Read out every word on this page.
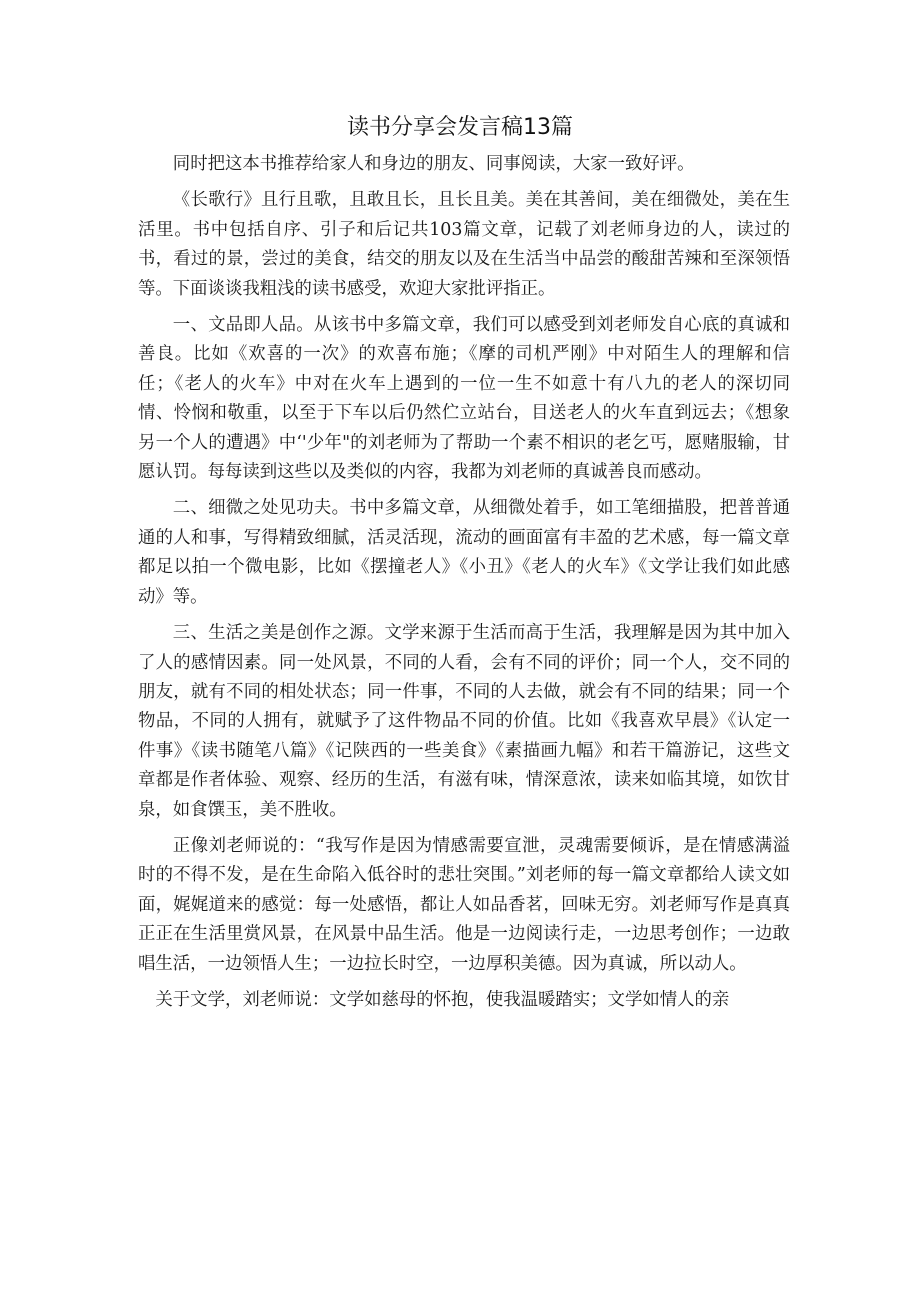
读书分享会发言稿13篇

同时把这本书推荐给家人和身边的朋友、同事阅读，大家一致好评。

《长歌行》且行且歌，且敢且长，且长且美。美在其善间，美在细微处，美在生活里。书中包括自序、引子和后记共103篇文章，记载了刘老师身边的人，读过的书，看过的景，尝过的美食，结交的朋友以及在生活当中品尝的酸甜苦辣和至深领悟等。下面谈谈我粗浅的读书感受，欢迎大家批评指正。

一、文品即人品。从该书中多篇文章，我们可以感受到刘老师发自心底的真诚和善良。比如《欢喜的一次》的欢喜布施；《摩的司机严刚》中对陌生人的理解和信任；《老人的火车》中对在火车上遇到的一位一生不如意十有八九的老人的深切同情、怜悯和敬重，以至于下车以后仍然伫立站台，目送老人的火车直到远去；《想象另一个人的遭遇》中‘'少年"的刘老师为了帮助一个素不相识的老乞丐，愿赌服输，甘愿认罚。每每读到这些以及类似的内容，我都为刘老师的真诚善良而感动。

二、细微之处见功夫。书中多篇文章，从细微处着手，如工笔细描股，把普普通通的人和事，写得精致细腻，活灵活现，流动的画面富有丰盈的艺术感，每一篇文章都足以拍一个微电影，比如《摆撞老人》《小丑》《老人的火车》《文学让我们如此感动》等。

三、生活之美是创作之源。文学来源于生活而高于生活，我理解是因为其中加入了人的感情因素。同一处风景，不同的人看，会有不同的评价；同一个人，交不同的朋友，就有不同的相处状态；同一件事，不同的人去做，就会有不同的结果；同一个物品，不同的人拥有，就赋予了这件物品不同的价值。比如《我喜欢早晨》《认定一件事》《读书随笔八篇》《记陕西的一些美食》《素描画九幅》和若干篇游记，这些文章都是作者体验、观察、经历的生活，有滋有味，情深意浓，读来如临其境，如饮甘泉，如食馔玉，美不胜收。

正像刘老师说的：“我写作是因为情感需要宣泄，灵魂需要倾诉，是在情感满溢时的不得不发，是在生命陷入低谷时的悲壮突围。”刘老师的每一篇文章都给人读文如面，娓娓道来的感觉：每一处感悟，都让人如品香茗，回味无穷。刘老师写作是真真正正在生活里赏风景，在风景中品生活。他是一边阅读行走，一边思考创作；一边敢唱生活，一边领悟人生；一边拉长时空，一边厚积美德。因为真诚，所以动人。

关于文学，刘老师说：文学如慈母的怀抱，使我温暖踏实；文学如情人的亲
